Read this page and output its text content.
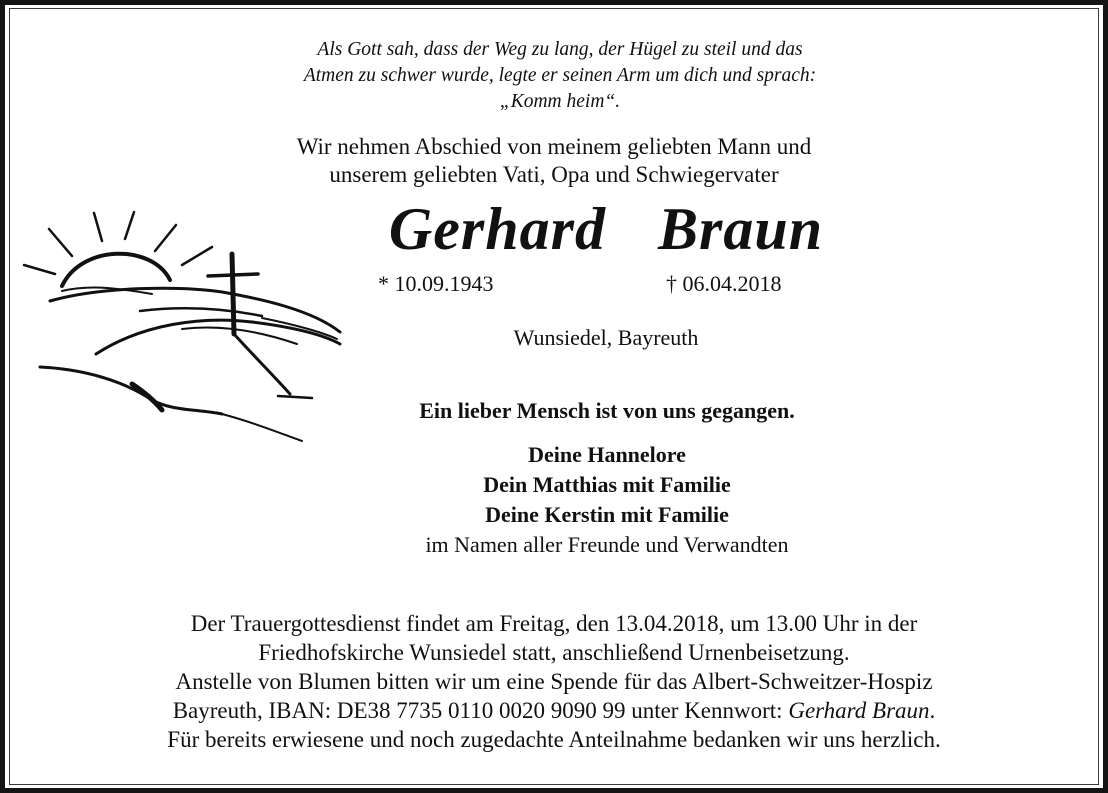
Als Gott sah, dass der Weg zu lang, der Hügel zu steil und das
Atmen zu schwer wurde, legte er seinen Arm um dich und sprach:
„Komm heim“.
Wir nehmen Abschied von meinem geliebten Mann und
unserem geliebten Vati, Opa und Schwiegervater
Gerhard  Braun
* 10.09.1943	† 06.04.2018
Wunsiedel, Bayreuth
Ein lieber Mensch ist von uns gegangen.
Deine Hannelore
Dein Matthias mit Familie
Deine Kerstin mit Familie
im Namen aller Freunde und Verwandten
Der Trauergottesdienst findet am Freitag, den 13.04.2018, um 13.00 Uhr in der
Friedhofskirche Wunsiedel statt, anschließend Urnenbeisetzung.
Anstelle von Blumen bitten wir um eine Spende für das Albert-Schweitzer-Hospiz
Bayreuth, IBAN: DE38 7735 0110 0020 9090 99 unter Kennwort: Gerhard Braun.
Für bereits erwiesene und noch zugedachte Anteilnahme bedanken wir uns herzlich.
